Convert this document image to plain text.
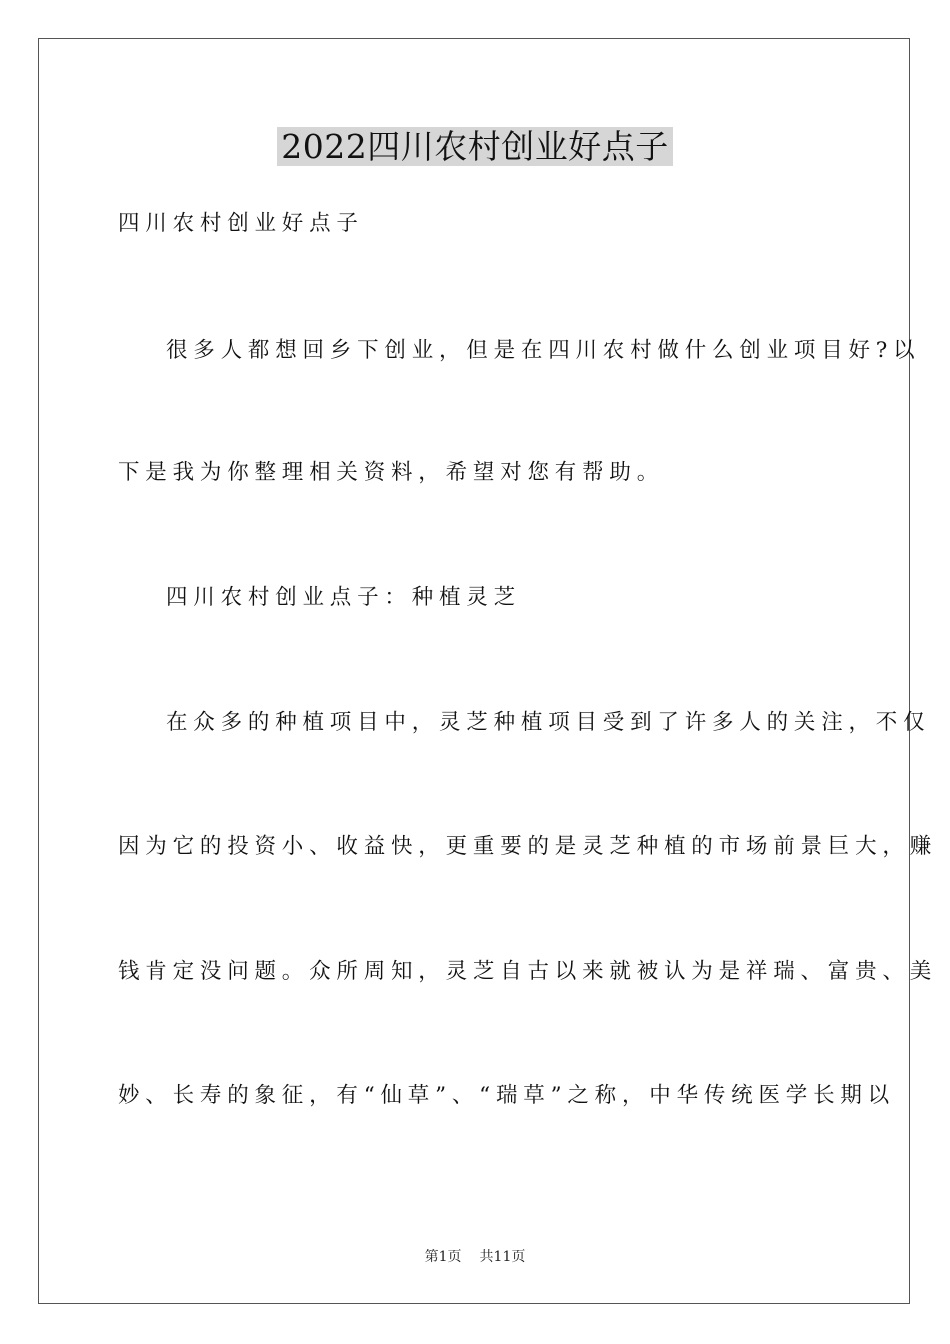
2022四川农村创业好点子
四川农村创业好点子
很多人都想回乡下创业，但是在四川农村做什么创业项目好?以
下是我为你整理相关资料，希望对您有帮助。
四川农村创业点子：种植灵芝
在众多的种植项目中，灵芝种植项目受到了许多人的关注，不仅
因为它的投资小、收益快，更重要的是灵芝种植的市场前景巨大，赚
钱肯定没问题。众所周知，灵芝自古以来就被认为是祥瑞、富贵、美
妙、长寿的象征，有“仙草”、“瑞草”之称，中华传统医学长期以
第1页 共11页
